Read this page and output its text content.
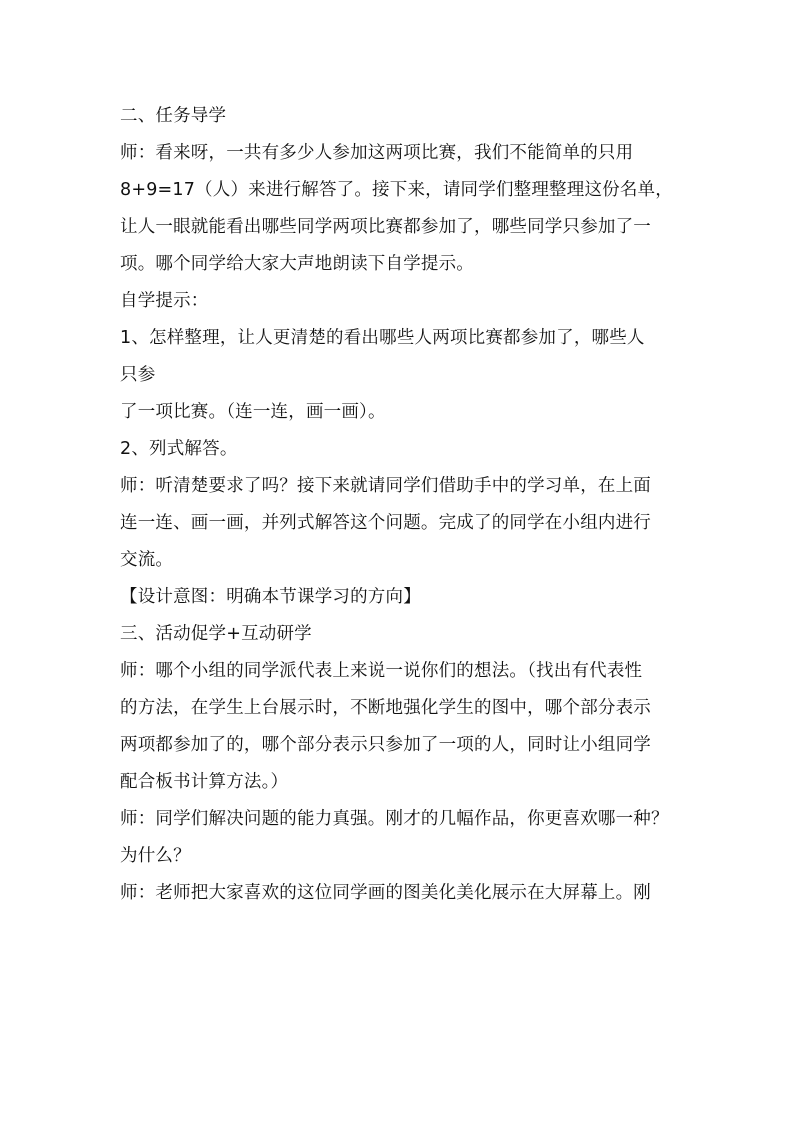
二、任务导学
师：看来呀，一共有多少人参加这两项比赛，我们不能简单的只用
8+9=17（人）来进行解答了。接下来，请同学们整理整理这份名单，
让人一眼就能看出哪些同学两项比赛都参加了，哪些同学只参加了一
项。哪个同学给大家大声地朗读下自学提示。
自学提示：
1、怎样整理，让人更清楚的看出哪些人两项比赛都参加了，哪些人
只参
了一项比赛。（连一连，画一画）。
2、列式解答。
师：听清楚要求了吗？接下来就请同学们借助手中的学习单，在上面
连一连、画一画，并列式解答这个问题。完成了的同学在小组内进行
交流。
【设计意图：明确本节课学习的方向】
三、活动促学+互动研学
师：哪个小组的同学派代表上来说一说你们的想法。（找出有代表性
的方法，在学生上台展示时，不断地强化学生的图中，哪个部分表示
两项都参加了的，哪个部分表示只参加了一项的人，同时让小组同学
配合板书计算方法。）
师：同学们解决问题的能力真强。刚才的几幅作品，你更喜欢哪一种？
为什么？
师：老师把大家喜欢的这位同学画的图美化美化展示在大屏幕上。刚
